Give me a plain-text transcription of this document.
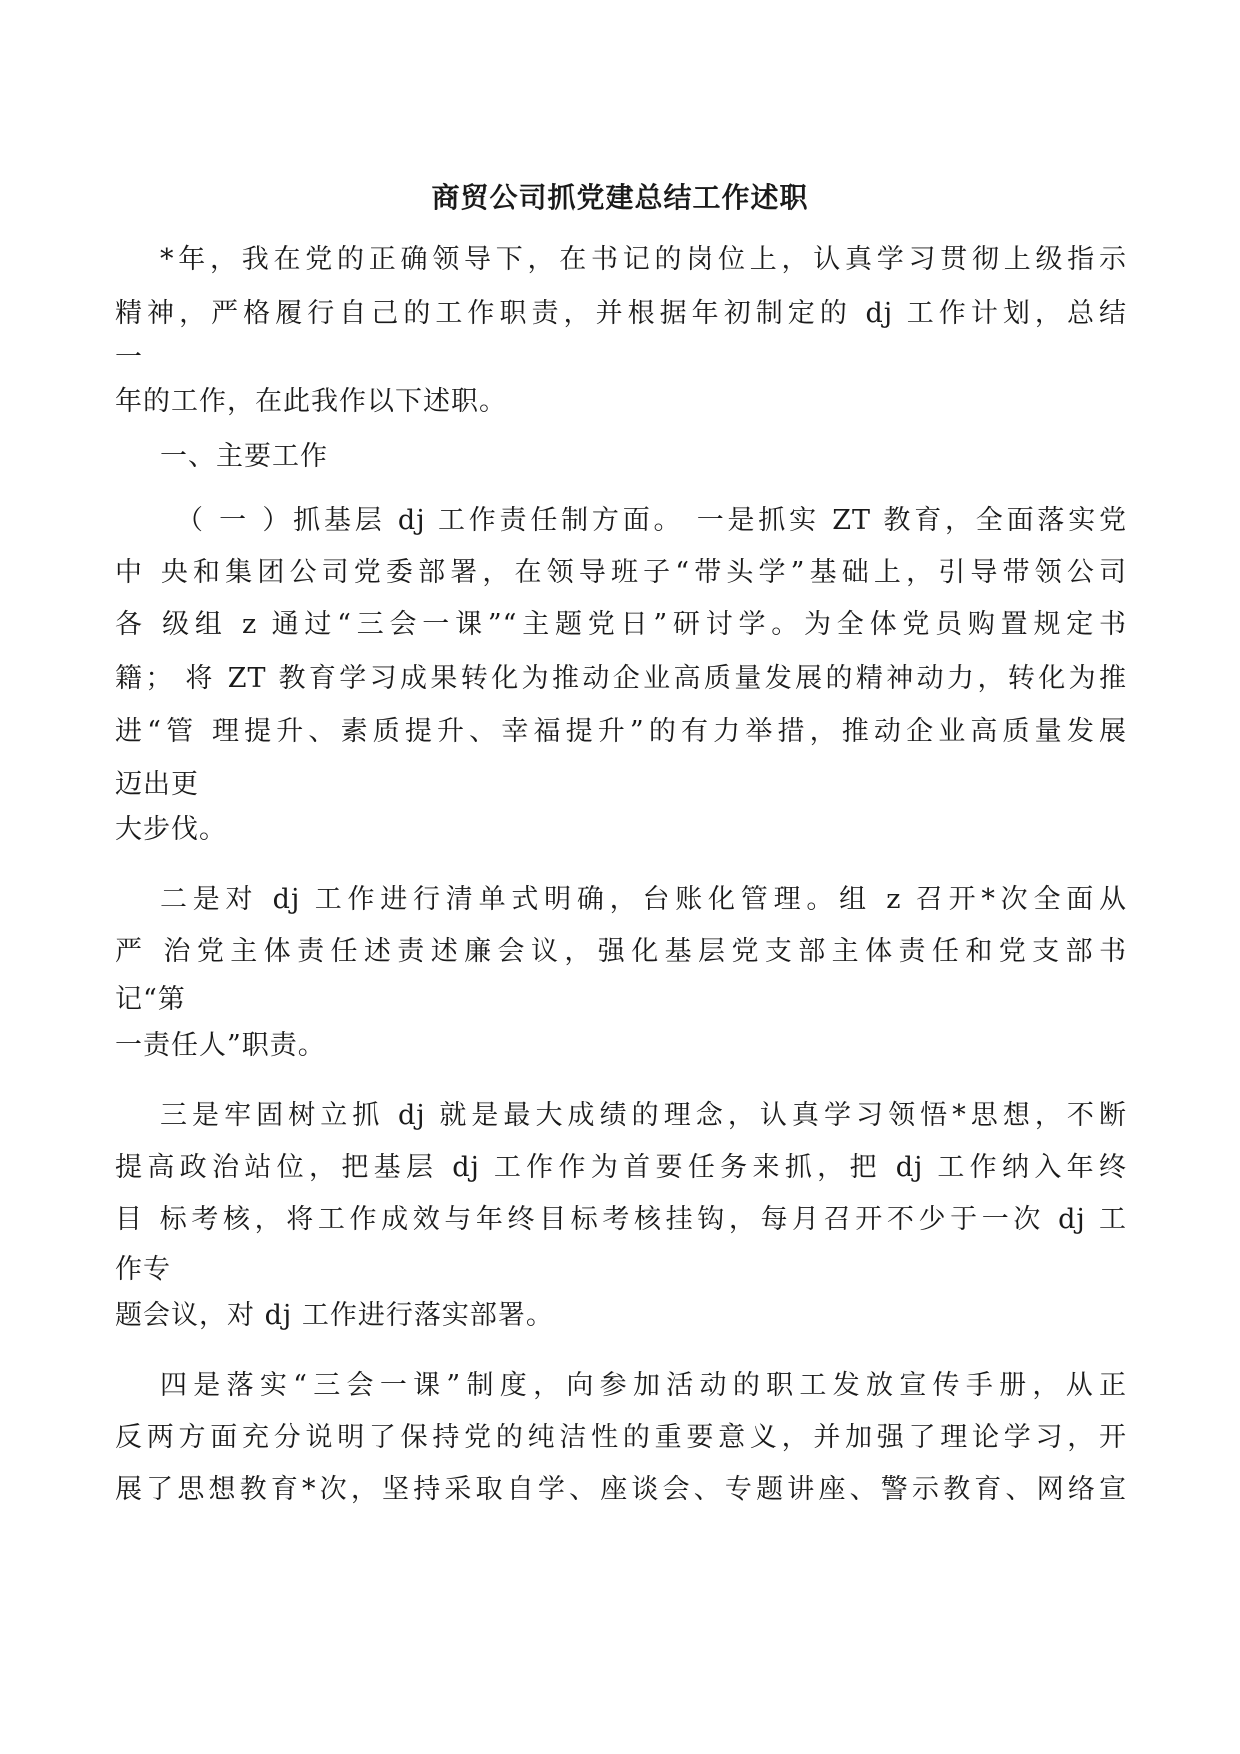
商贸公司抓党建总结工作述职
*年，我在党的正确领导下，在书记的岗位上，认真学习贯彻上级指示
精神，严格履行自己的工作职责，并根据年初制定的 dj 工作计划，总结
一
年的工作，在此我作以下述职。
一、主要工作
（ 一 ）抓基层 dj 工作责任制方面。 一是抓实 ZT 教育，全面落实党
中 央和集团公司党委部署，在领导班子“带头学”基础上，引导带领公司
各 级组 z 通过“三会一课”“主题党日”研讨学。为全体党员购置规定书
籍； 将 ZT 教育学习成果转化为推动企业高质量发展的精神动力，转化为推
进“管 理提升、素质提升、幸福提升”的有力举措，推动企业高质量发展
迈出更
大步伐。
二是对 dj 工作进行清单式明确，台账化管理。组 z 召开*次全面从
严 治党主体责任述责述廉会议，强化基层党支部主体责任和党支部书
记“第
一责任人”职责。
三是牢固树立抓 dj 就是最大成绩的理念，认真学习领悟*思想，不断
提高政治站位，把基层 dj 工作作为首要任务来抓，把 dj 工作纳入年终
目 标考核，将工作成效与年终目标考核挂钩，每月召开不少于一次 dj 工
作专
题会议，对 dj 工作进行落实部署。
四是落实“三会一课”制度，向参加活动的职工发放宣传手册，从正
反两方面充分说明了保持党的纯洁性的重要意义，并加强了理论学习，开
展了思想教育*次，坚持采取自学、座谈会、专题讲座、警示教育、网络宣
